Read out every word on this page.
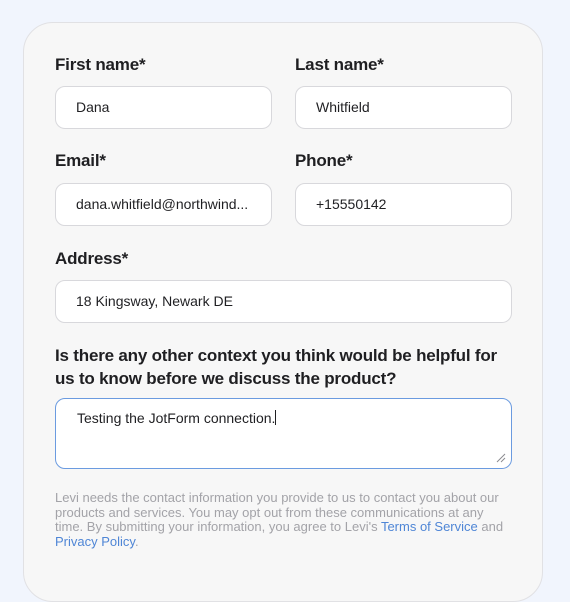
First name*
Dana
Last name*
Whitfield
Email*
dana.whitfield@northwind...
Phone*
+15550142
Address*
18 Kingsway, Newark DE
Is there any other context you think would be helpful for us to know before we discuss the product?
Testing the JotForm connection.
Levi needs the contact information you provide to us to contact you about our products and services. You may opt out from these communications at any time. By submitting your information, you agree to Levi's Terms of Service and Privacy Policy.
